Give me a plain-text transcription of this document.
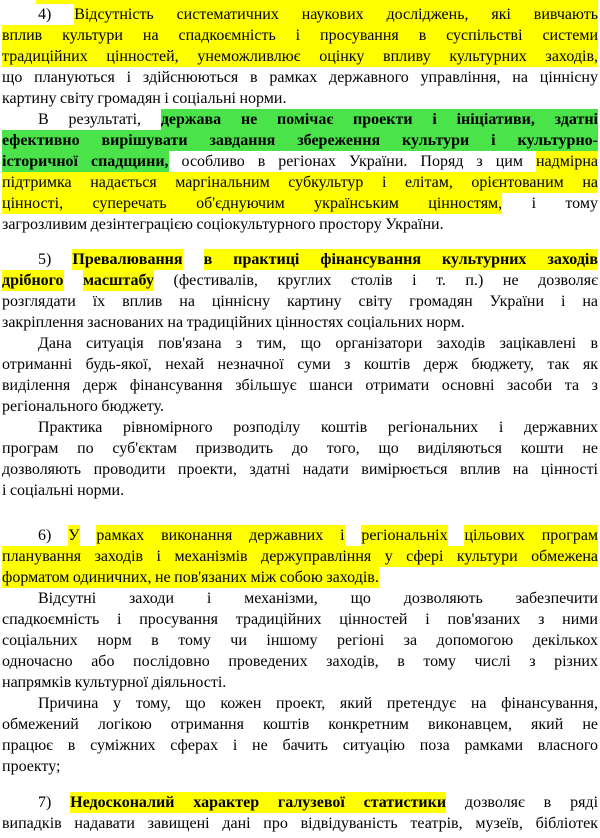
4) Відсутність систематичних наукових досліджень, які вивчають
вплив культури на спадкоємність і просування в суспільстві системи
традиційних цінностей, унеможливлює оцінку впливу культурних заходів,
що плануються і здійснюються в рамках державного управління, на ціннісну
картину світу громадян і соціальні норми.
В результаті, держава не помічає проекти і ініціативи, здатні
ефективно вирішувати завдання збереження культури і культурно-
історичної спадщини, особливо в регіонах України. Поряд з цим надмірна
підтримка надається маргінальним субкультур і елітам, орієнтованим на
цінності, суперечать об'єднуючим українським цінностям, і тому
загрозливим дезінтеграцією соціокультурного простору України.
5) Превалювання в практиці фінансування культурних заходів
дрібного масштабу (фестивалів, круглих столів і т. п.) не дозволяє
розглядати їх вплив на ціннісну картину світу громадян України і на
закріплення заснованих на традиційних цінностях соціальних норм.
Дана ситуація пов'язана з тим, що організатори заходів зацікавлені в
отриманні будь-якої, нехай незначної суми з коштів держ бюджету, так як
виділення держ фінансування збільшує шанси отримати основні засоби та з
регіонального бюджету.
Практика рівномірного розподілу коштів регіональних і державних
програм по суб'єктам призводить до того, що виділяються кошти не
дозволяють проводити проекти, здатні надати вимірюється вплив на цінності
і соціальні норми.
6) У рамках виконання державних і регіональніх цільових програм
планування заходів і механізмів держуправління у сфері культури обмежена
форматом одиничних, не пов'язаних між собою заходів.
Відсутні заходи і механізми, що дозволяють забезпечити
спадкоємність і просування традиційних цінностей і пов'язаних з ними
соціальних норм в тому чи іншому регіоні за допомогою декількох
одночасно або послідовно проведених заходів, в тому числі з різних
напрямків культурної діяльності.
Причина у тому, що кожен проект, який претендує на фінансування,
обмежений логікою отримання коштів конкретним виконавцем, який не
працює в суміжних сферах і не бачить ситуацію поза рамками власного
проекту;
7) Недосконалий характер галузевої статистики дозволяє в ряді
випадків надавати завищені дані про відвідуваність театрів, музеїв, бібліотек
